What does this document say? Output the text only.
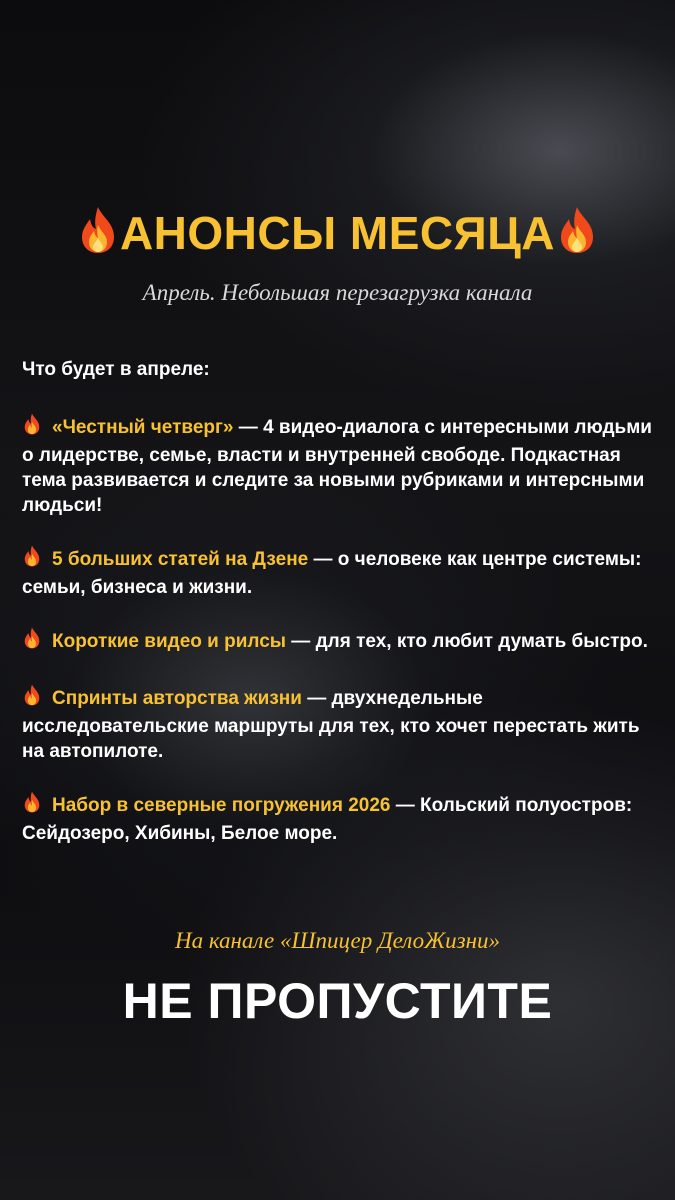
АНОНСЫ МЕСЯЦА
Апрель. Небольшая перезагрузка канала
Что будет в апреле:
«Честный четверг» — 4 видео-диалога с интересными людьми о лидерстве, семье, власти и внутренней свободе. Подкастная тема развивается и следите за новыми рубриками и интерсными людьси!
5 больших статей на Дзене — о человеке как центре системы: семьи, бизнеса и жизни.
Короткие видео и рилсы — для тех, кто любит думать быстро.
Спринты авторства жизни — двухнедельные исследовательские маршруты для тех, кто хочет перестать жить на автопилоте.
Набор в северные погружения 2026 — Кольский полуостров: Сейдозеро, Хибины, Белое море.
На канале «Шпицер ДелоЖизни»
НЕ ПРОПУСТИТЕ
